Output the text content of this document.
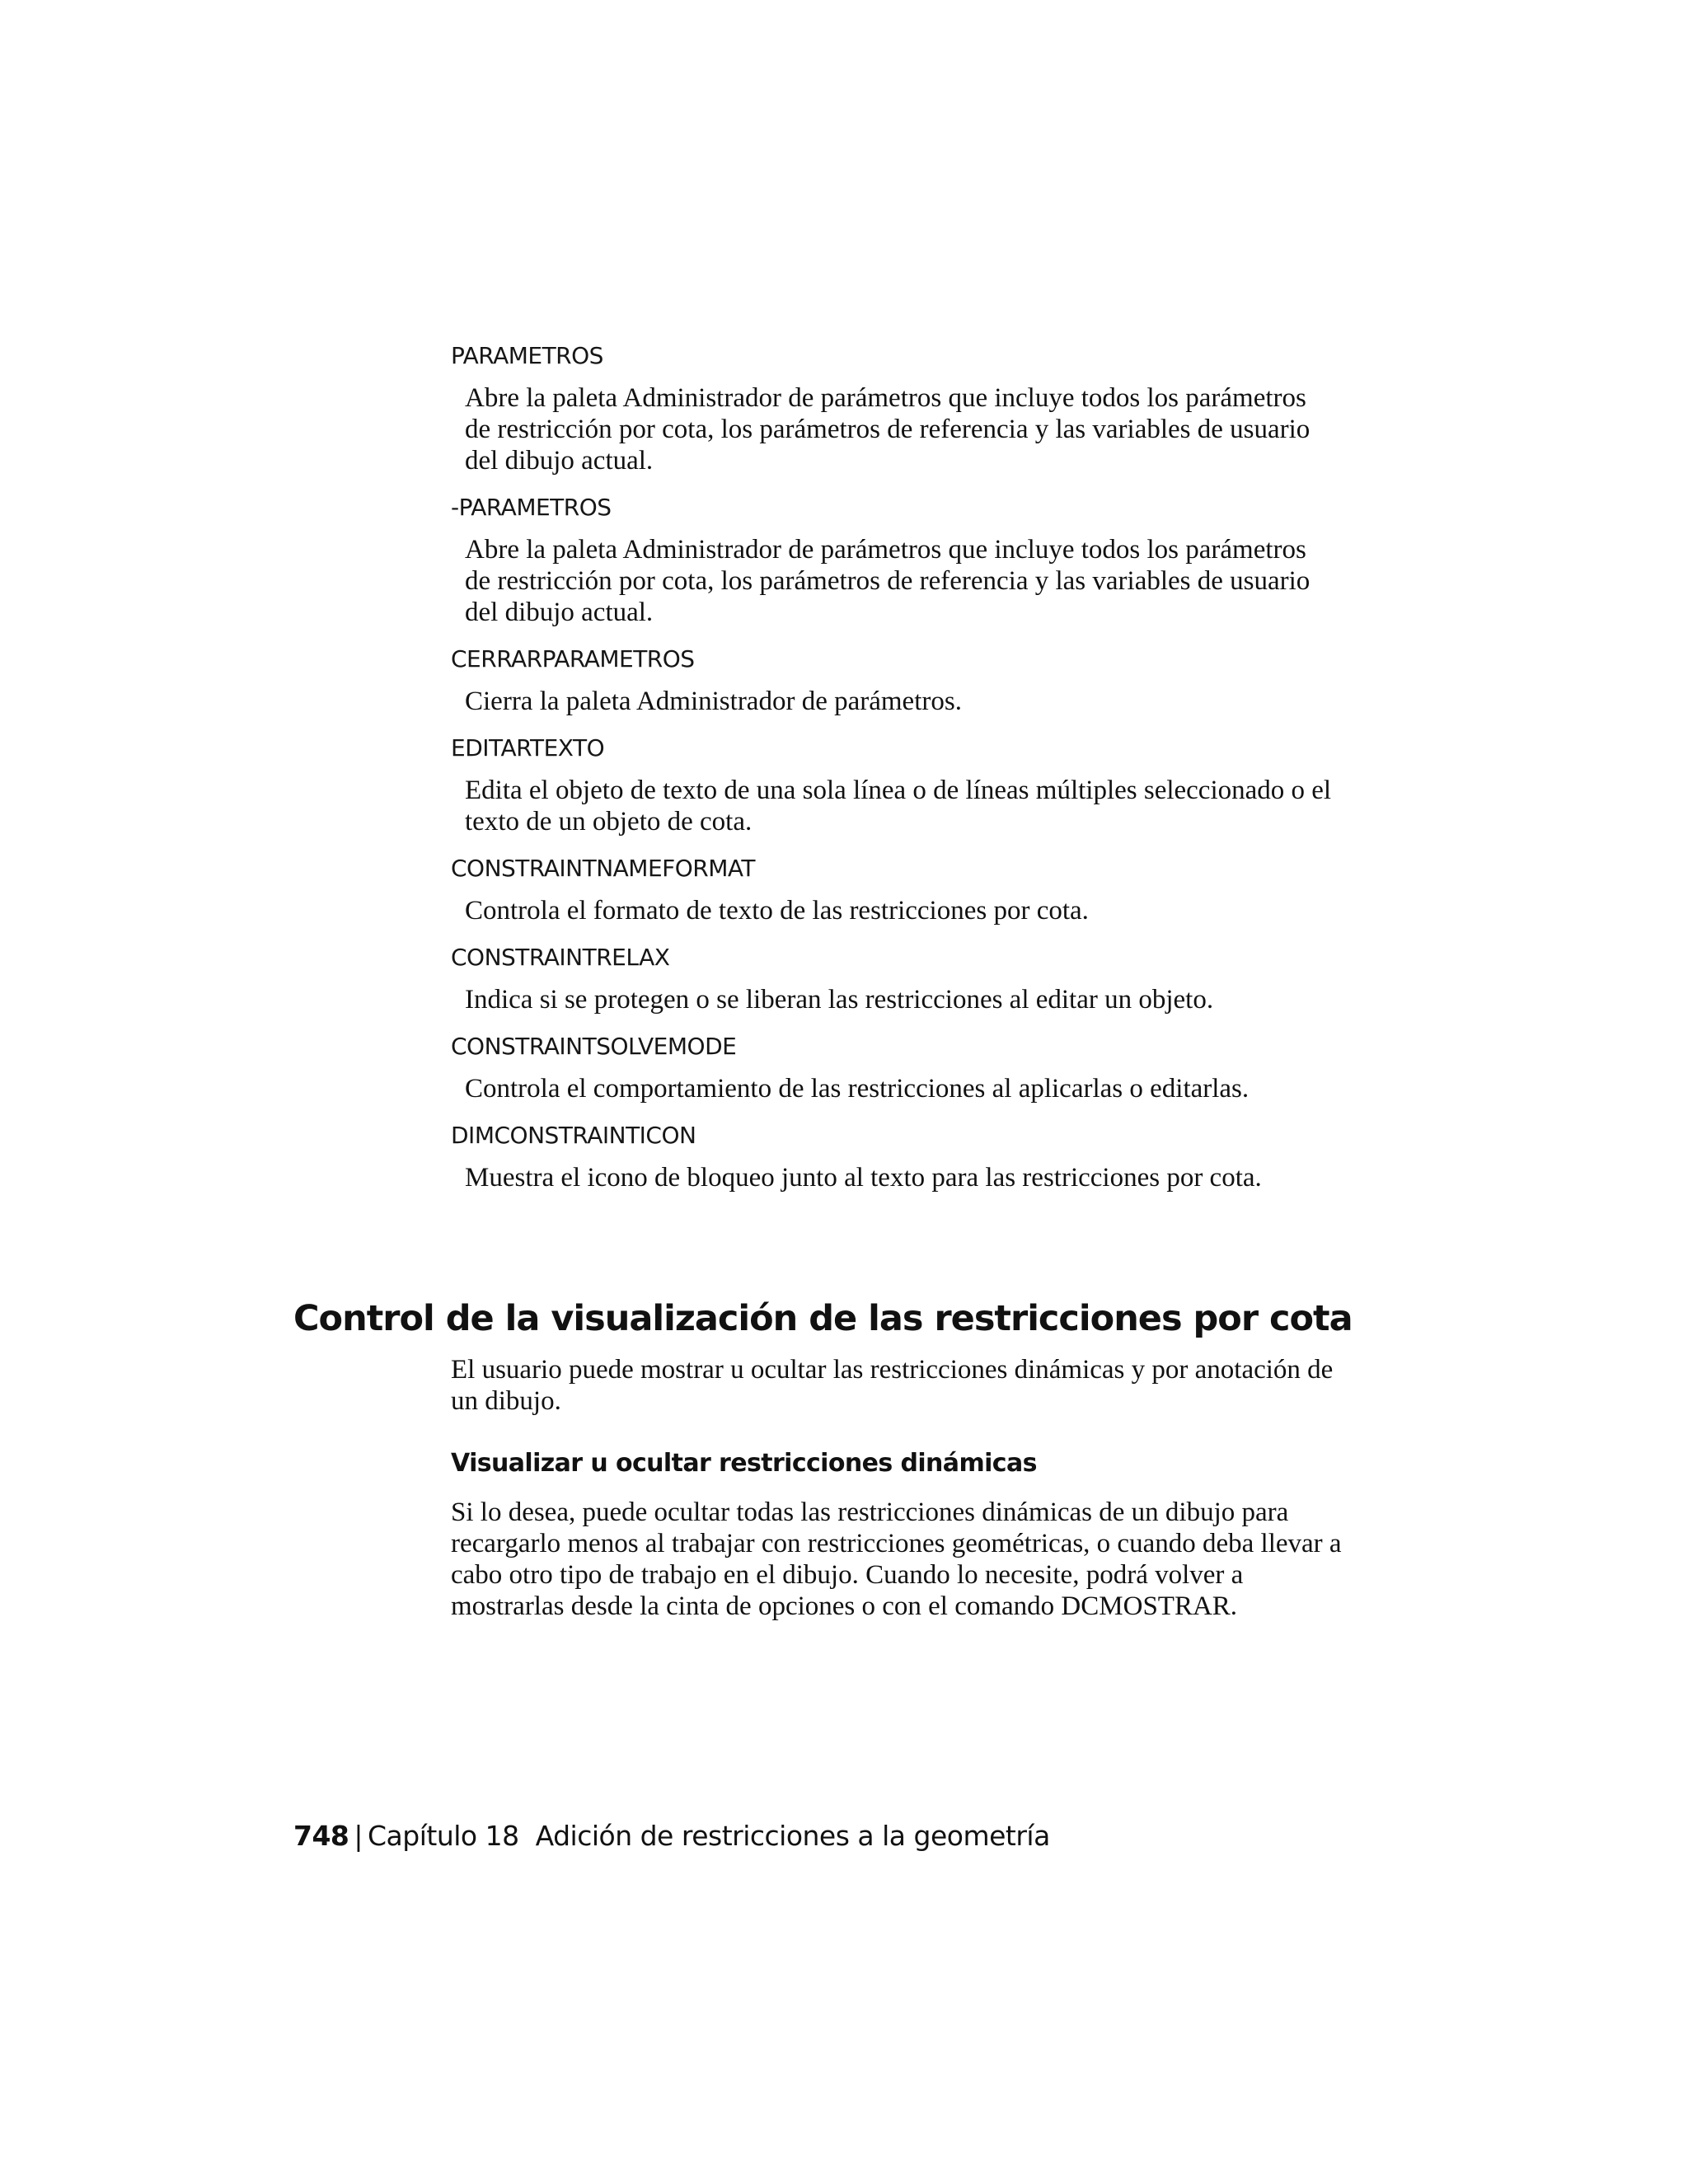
PARAMETROS

Abre la paleta Administrador de parámetros que incluye todos los parámetros de restricción por cota, los parámetros de referencia y las variables de usuario del dibujo actual.

-PARAMETROS

Abre la paleta Administrador de parámetros que incluye todos los parámetros de restricción por cota, los parámetros de referencia y las variables de usuario del dibujo actual.

CERRARPARAMETROS

Cierra la paleta Administrador de parámetros.

EDITARTEXTO

Edita el objeto de texto de una sola línea o de líneas múltiples seleccionado o el texto de un objeto de cota.

CONSTRAINTNAMEFORMAT

Controla el formato de texto de las restricciones por cota.

CONSTRAINTRELAX

Indica si se protegen o se liberan las restricciones al editar un objeto.

CONSTRAINTSOLVEMODE

Controla el comportamiento de las restricciones al aplicarlas o editarlas.

DIMCONSTRAINTICON

Muestra el icono de bloqueo junto al texto para las restricciones por cota.

Control de la visualización de las restricciones por cota

El usuario puede mostrar u ocultar las restricciones dinámicas y por anotación de un dibujo.

Visualizar u ocultar restricciones dinámicas

Si lo desea, puede ocultar todas las restricciones dinámicas de un dibujo para recargarlo menos al trabajar con restricciones geométricas, o cuando deba llevar a cabo otro tipo de trabajo en el dibujo. Cuando lo necesite, podrá volver a mostrarlas desde la cinta de opciones o con el comando DCMOSTRAR.

748 | Capítulo 18 Adición de restricciones a la geometría
